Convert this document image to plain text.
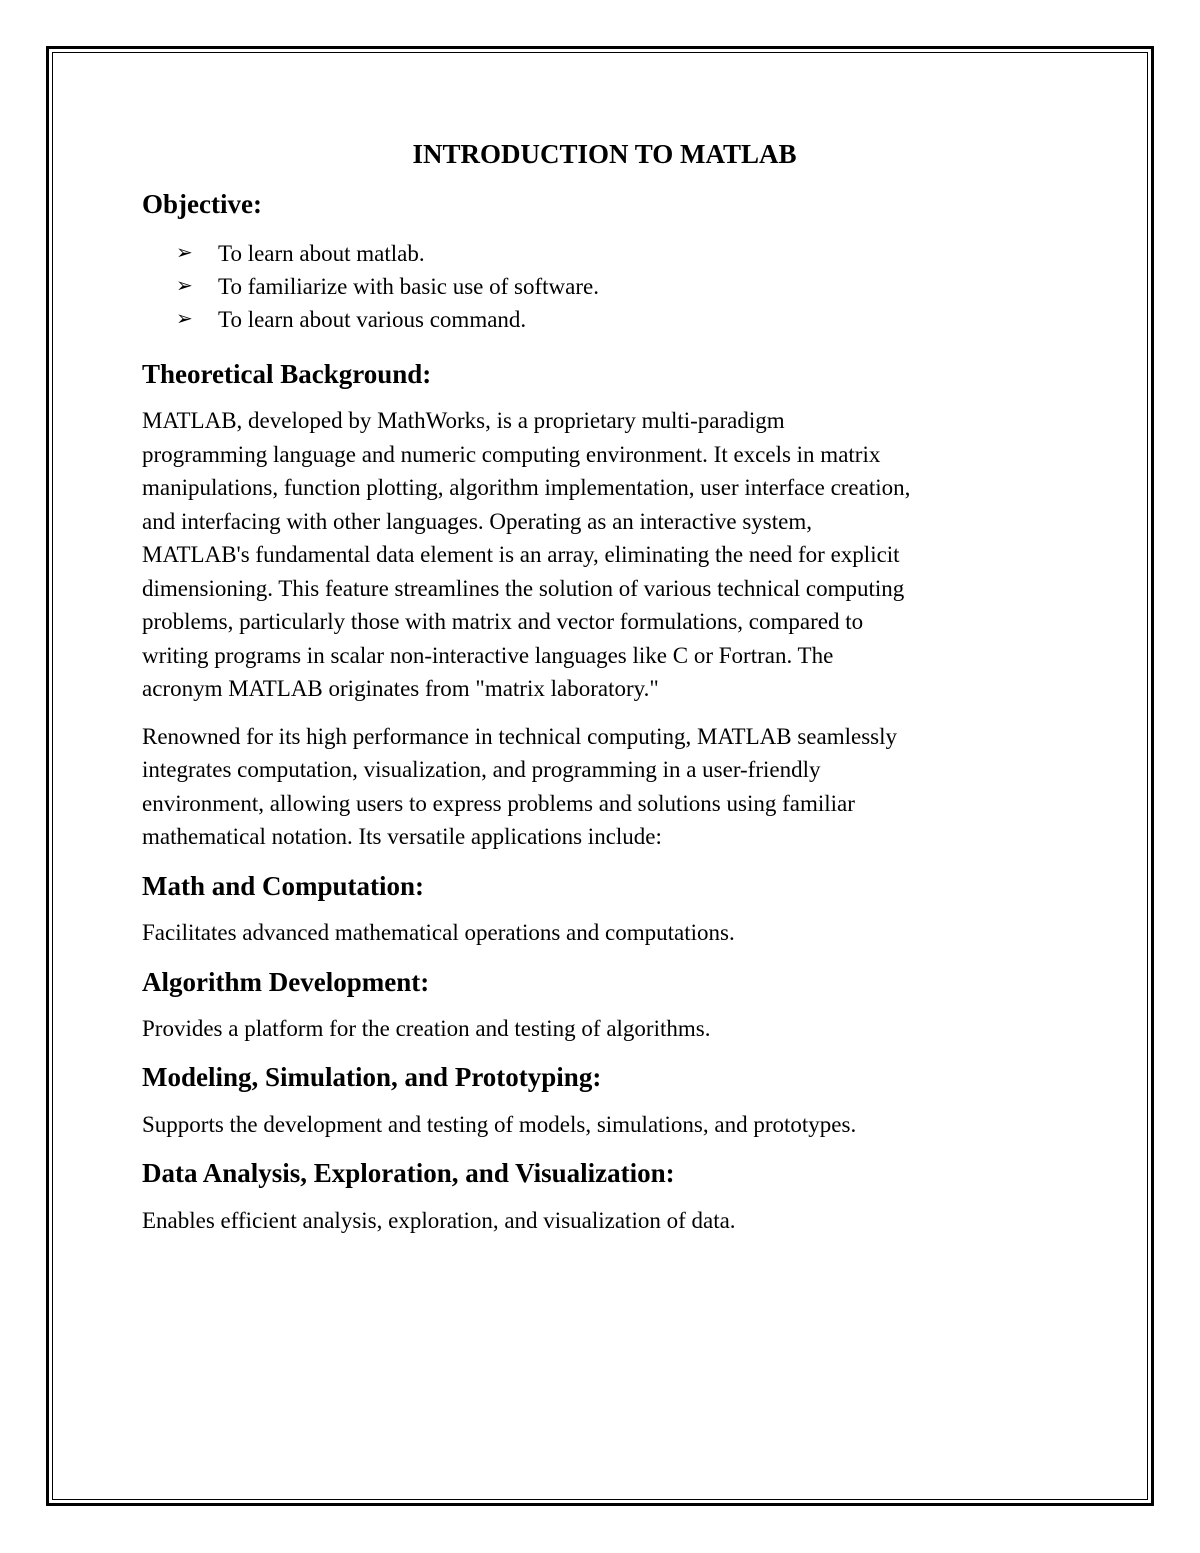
INTRODUCTION TO MATLAB
Objective:
➢	To learn about matlab.
➢	To familiarize with basic use of software.
➢	To learn about various command.
Theoretical Background:

MATLAB, developed by MathWorks, is a proprietary multi-paradigm
programming language and numeric computing environment. It excels in matrix
manipulations, function plotting, algorithm implementation, user interface creation,
and interfacing with other languages. Operating as an interactive system,
MATLAB's fundamental data element is an array, eliminating the need for explicit
dimensioning. This feature streamlines the solution of various technical computing
problems, particularly those with matrix and vector formulations, compared to
writing programs in scalar non-interactive languages like C or Fortran. The
acronym MATLAB originates from "matrix laboratory."

Renowned for its high performance in technical computing, MATLAB seamlessly
integrates computation, visualization, and programming in a user-friendly
environment, allowing users to express problems and solutions using familiar
mathematical notation. Its versatile applications include:

Math and Computation:

Facilitates advanced mathematical operations and computations.

Algorithm Development:

Provides a platform for the creation and testing of algorithms.

Modeling, Simulation, and Prototyping:

Supports the development and testing of models, simulations, and prototypes.

Data Analysis, Exploration, and Visualization:

Enables efficient analysis, exploration, and visualization of data.
